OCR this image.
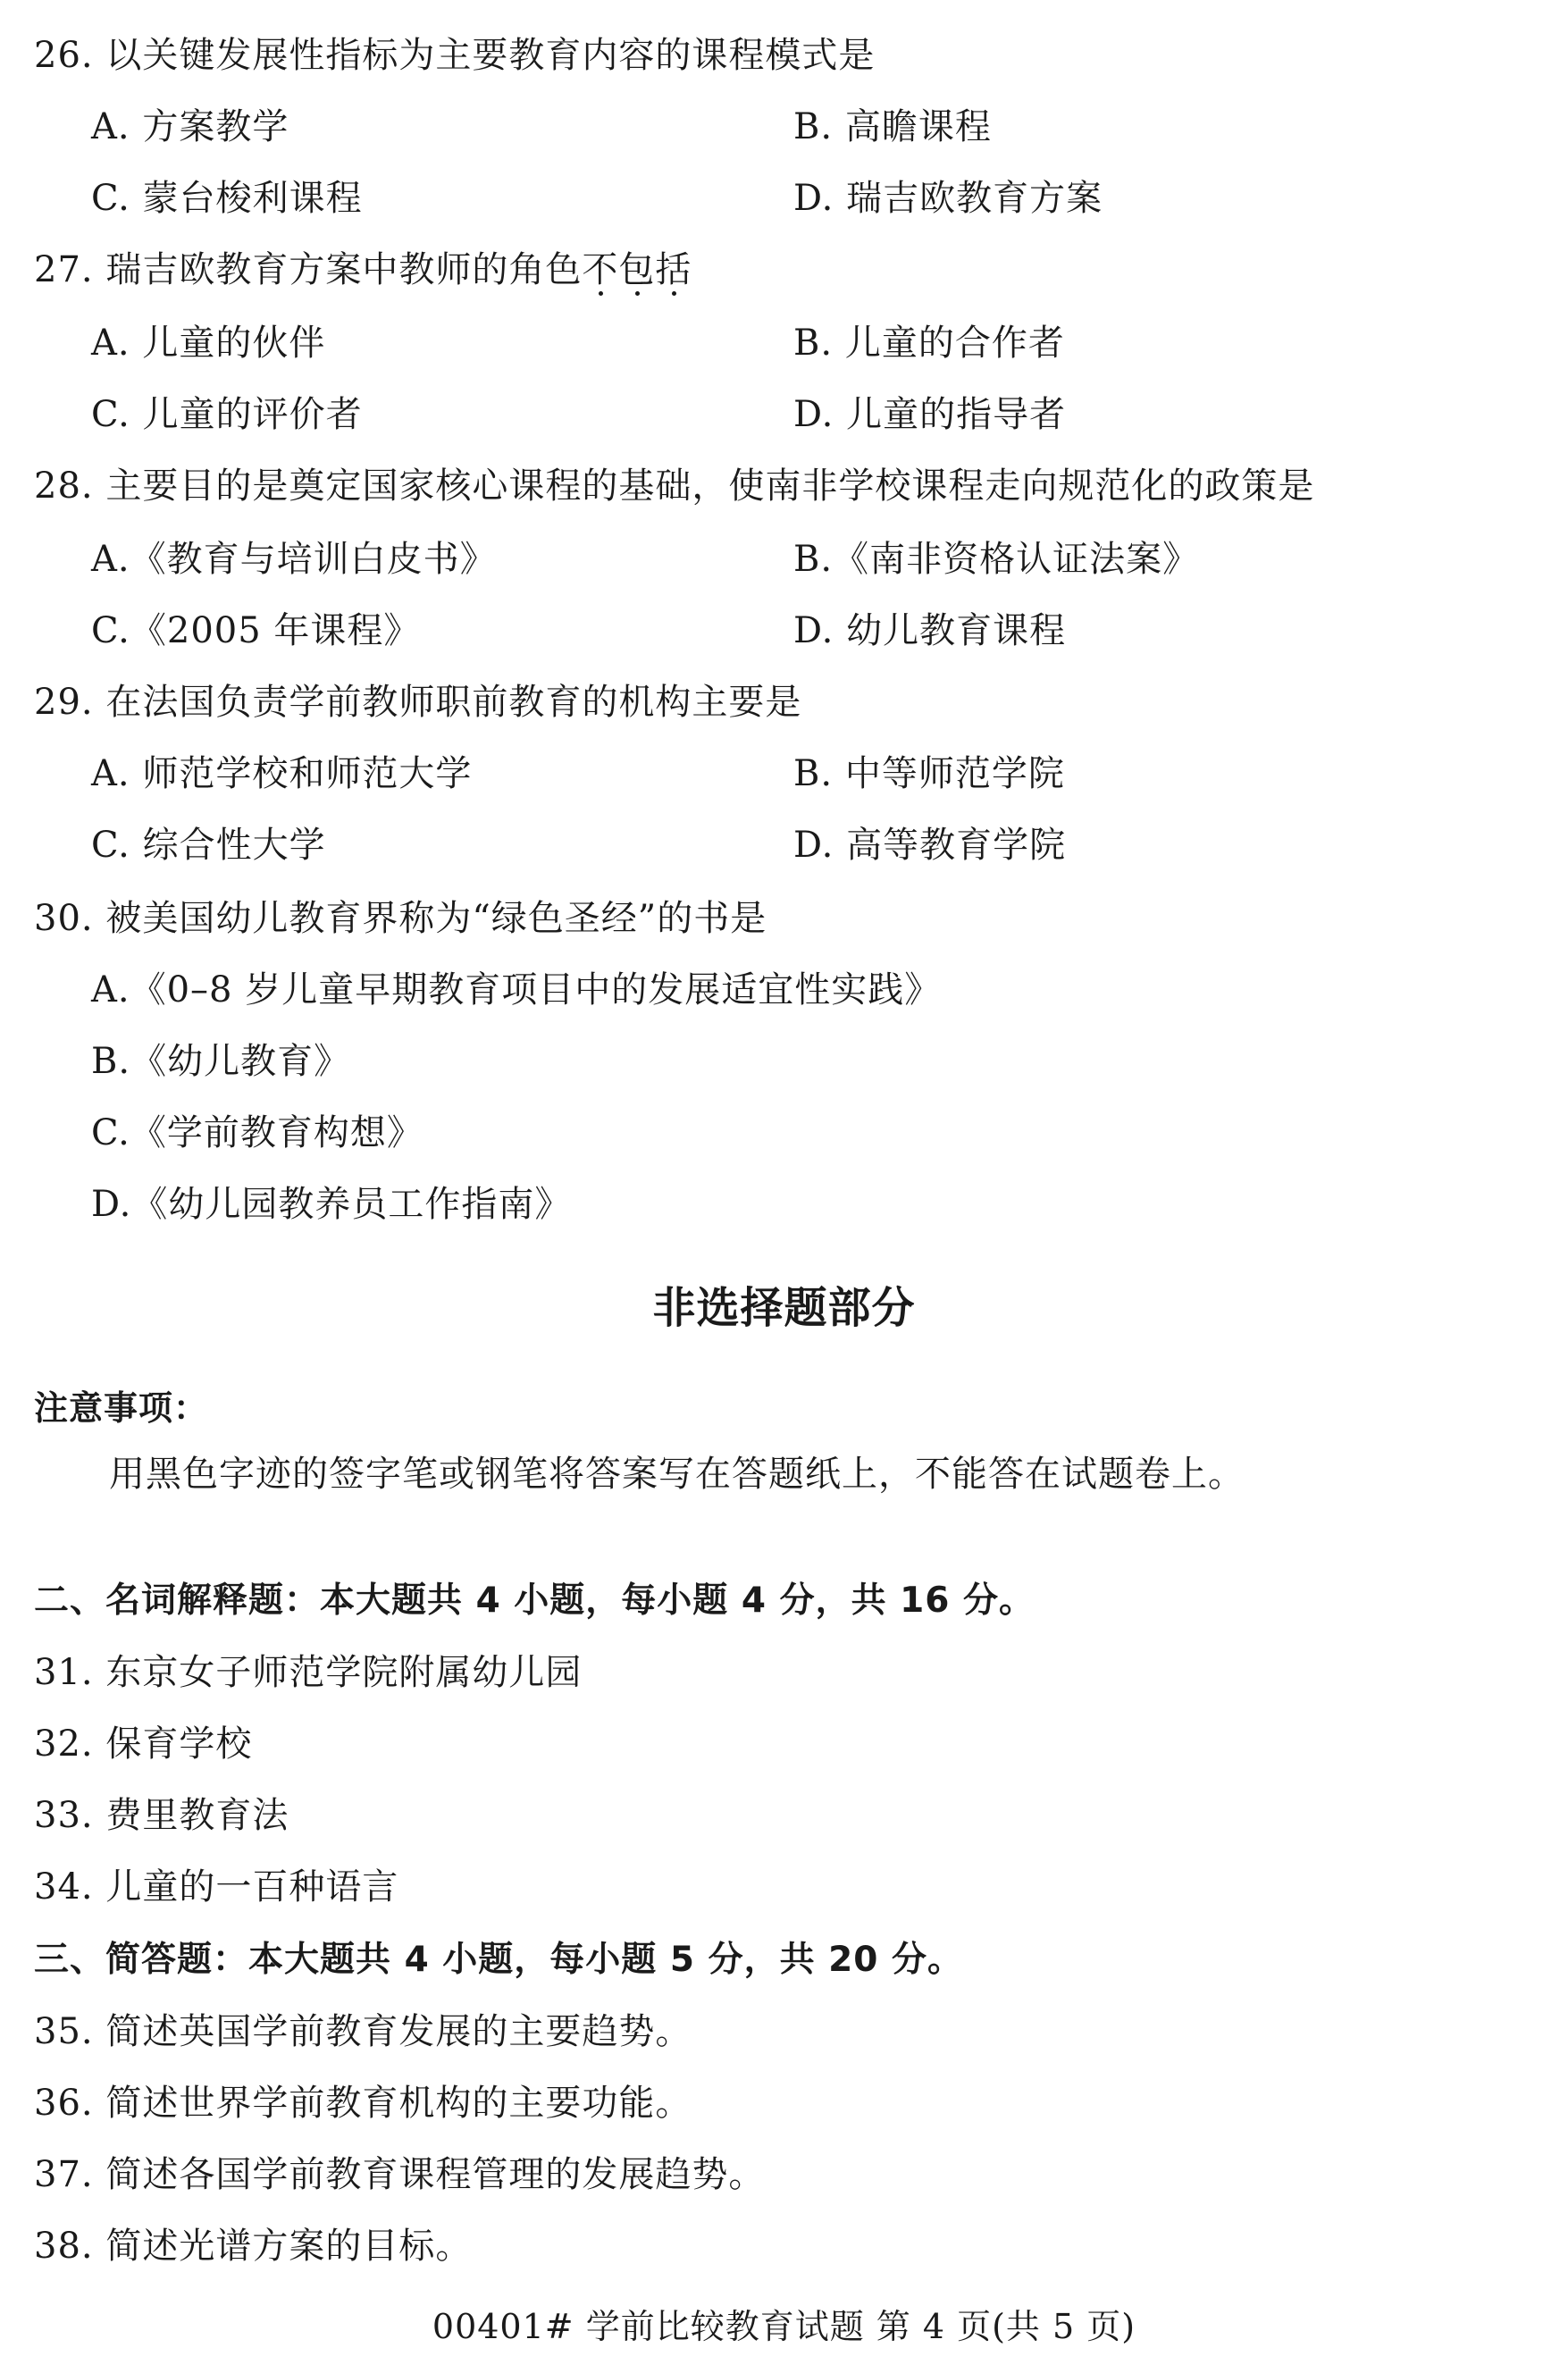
26. 以关键发展性指标为主要教育内容的课程模式是
A. 方案教学	B. 高瞻课程
C. 蒙台梭利课程	D. 瑞吉欧教育方案
27. 瑞吉欧教育方案中教师的角色不包括
A. 儿童的伙伴	B. 儿童的合作者
C. 儿童的评价者	D. 儿童的指导者
28. 主要目的是奠定国家核心课程的基础，使南非学校课程走向规范化的政策是
A.《教育与培训白皮书》	B.《南非资格认证法案》
C.《2005 年课程》	D. 幼儿教育课程
29. 在法国负责学前教师职前教育的机构主要是
A. 师范学校和师范大学	B. 中等师范学院
C. 综合性大学	D. 高等教育学院
30. 被美国幼儿教育界称为“绿色圣经”的书是
A.《0–8 岁儿童早期教育项目中的发展适宜性实践》
B.《幼儿教育》
C.《学前教育构想》
D.《幼儿园教养员工作指南》
非选择题部分
注意事项：
用黑色字迹的签字笔或钢笔将答案写在答题纸上，不能答在试题卷上。
二、名词解释题：本大题共 4 小题，每小题 4 分，共 16 分。
31. 东京女子师范学院附属幼儿园
32. 保育学校
33. 费里教育法
34. 儿童的一百种语言
三、简答题：本大题共 4 小题，每小题 5 分，共 20 分。
35. 简述英国学前教育发展的主要趋势。
36. 简述世界学前教育机构的主要功能。
37. 简述各国学前教育课程管理的发展趋势。
38. 简述光谱方案的目标。
00401# 学前比较教育试题 第 4 页(共 5 页)
